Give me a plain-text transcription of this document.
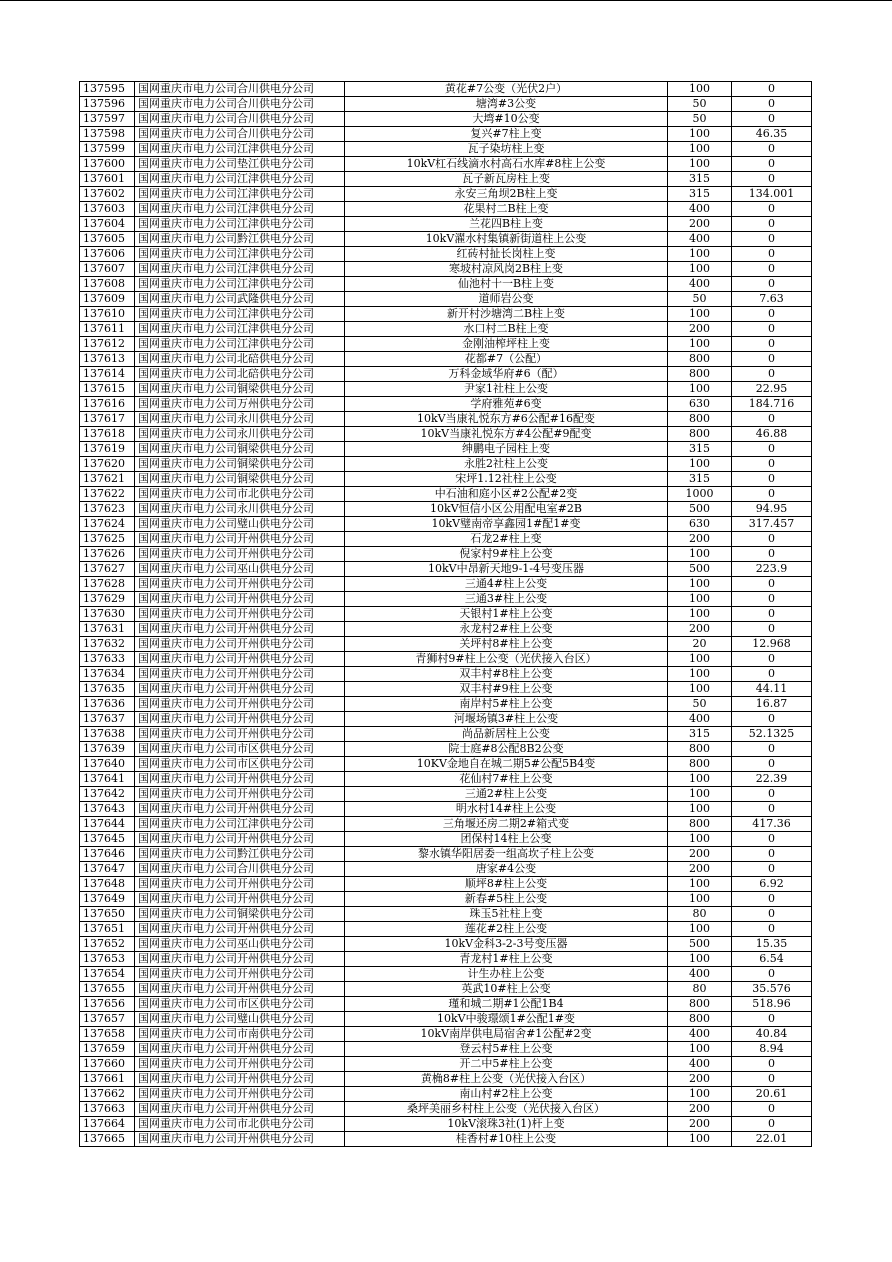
137595	国网重庆市电力公司合川供电分公司	黄花#7公变（光伏2户）	100	0
137596	国网重庆市电力公司合川供电分公司	塘湾#3公变	50	0
137597	国网重庆市电力公司合川供电分公司	大塆#10公变	50	0
137598	国网重庆市电力公司合川供电分公司	复兴#7柱上变	100	46.35
137599	国网重庆市电力公司江津供电分公司	瓦子染坊柱上变	100	0
137600	国网重庆市电力公司垫江供电分公司	10kV杠石线滴水村高石水库#8柱上公变	100	0
137601	国网重庆市电力公司江津供电分公司	瓦子新瓦房柱上变	315	0
137602	国网重庆市电力公司江津供电分公司	永安三角坝2B柱上变	315	134.001
137603	国网重庆市电力公司江津供电分公司	花果村二B柱上变	400	0
137604	国网重庆市电力公司江津供电分公司	兰花四B柱上变	200	0
137605	国网重庆市电力公司黔江供电分公司	10kV濯水村集镇新街道柱上公变	400	0
137606	国网重庆市电力公司江津供电分公司	红砖村扯长岗柱上变	100	0
137607	国网重庆市电力公司江津供电分公司	寒坡村凉风岗2B柱上变	100	0
137608	国网重庆市电力公司江津供电分公司	仙池村十一B柱上变	400	0
137609	国网重庆市电力公司武隆供电分公司	道师岩公变	50	7.63
137610	国网重庆市电力公司江津供电分公司	新开村沙塘湾二B柱上变	100	0
137611	国网重庆市电力公司江津供电分公司	水口村二B柱上变	200	0
137612	国网重庆市电力公司江津供电分公司	金刚油榨坪柱上变	100	0
137613	国网重庆市电力公司北碚供电分公司	花都#7（公配）	800	0
137614	国网重庆市电力公司北碚供电分公司	万科金域华府#6（配）	800	0
137615	国网重庆市电力公司铜梁供电分公司	尹家1社柱上公变	100	22.95
137616	国网重庆市电力公司万州供电分公司	学府雅苑#6变	630	184.716
137617	国网重庆市电力公司永川供电分公司	10kV当康礼悦东方#6公配#16配变	800	0
137618	国网重庆市电力公司永川供电分公司	10kV当康礼悦东方#4公配#9配变	800	46.88
137619	国网重庆市电力公司铜梁供电分公司	绅鹏电子园柱上变	315	0
137620	国网重庆市电力公司铜梁供电分公司	永胜2社柱上公变	100	0
137621	国网重庆市电力公司铜梁供电分公司	宋坪1.12社柱上公变	315	0
137622	国网重庆市电力公司市北供电分公司	中石油和庭小区#2公配#2变	1000	0
137623	国网重庆市电力公司永川供电分公司	10kV恒信小区公用配电室#2B	500	94.95
137624	国网重庆市电力公司璧山供电分公司	10kV璧南帝享鑫园1#配1#变	630	317.457
137625	国网重庆市电力公司开州供电分公司	石龙2#柱上变	200	0
137626	国网重庆市电力公司开州供电分公司	倪家村9#柱上公变	100	0
137627	国网重庆市电力公司巫山供电分公司	10kV中昂新天地9-1-4号变压器	500	223.9
137628	国网重庆市电力公司开州供电分公司	三通4#柱上公变	100	0
137629	国网重庆市电力公司开州供电分公司	三通3#柱上公变	100	0
137630	国网重庆市电力公司开州供电分公司	天银村1#柱上公变	100	0
137631	国网重庆市电力公司开州供电分公司	永龙村2#柱上公变	200	0
137632	国网重庆市电力公司开州供电分公司	关坪村8#柱上公变	20	12.968
137633	国网重庆市电力公司开州供电分公司	青狮村9#柱上公变（光伏接入台区）	100	0
137634	国网重庆市电力公司开州供电分公司	双丰村#8柱上公变	100	0
137635	国网重庆市电力公司开州供电分公司	双丰村#9柱上公变	100	44.11
137636	国网重庆市电力公司开州供电分公司	南岸村5#柱上公变	50	16.87
137637	国网重庆市电力公司开州供电分公司	河堰场镇3#柱上公变	400	0
137638	国网重庆市电力公司开州供电分公司	尚品新居柱上公变	315	52.1325
137639	国网重庆市电力公司市区供电分公司	院士庭#8公配8B2公变	800	0
137640	国网重庆市电力公司市区供电分公司	10KV金地自在城二期5#公配5B4变	800	0
137641	国网重庆市电力公司开州供电分公司	花仙村7#柱上公变	100	22.39
137642	国网重庆市电力公司开州供电分公司	三通2#柱上公变	100	0
137643	国网重庆市电力公司开州供电分公司	明水村14#柱上公变	100	0
137644	国网重庆市电力公司江津供电分公司	三角堰还房二期2#箱式变	800	417.36
137645	国网重庆市电力公司开州供电分公司	团保村14柱上公变	100	0
137646	国网重庆市电力公司黔江供电分公司	黎水镇华阳居委一组高坎子柱上公变	200	0
137647	国网重庆市电力公司合川供电分公司	唐家#4公变	200	0
137648	国网重庆市电力公司开州供电分公司	顺坪8#柱上公变	100	6.92
137649	国网重庆市电力公司开州供电分公司	新春#5柱上公变	100	0
137650	国网重庆市电力公司铜梁供电分公司	珠玉5社柱上变	80	0
137651	国网重庆市电力公司开州供电分公司	莲花#2柱上公变	100	0
137652	国网重庆市电力公司巫山供电分公司	10kV金科3-2-3号变压器	500	15.35
137653	国网重庆市电力公司开州供电分公司	青龙村1#柱上公变	100	6.54
137654	国网重庆市电力公司开州供电分公司	计生办柱上公变	400	0
137655	国网重庆市电力公司开州供电分公司	英武10#柱上公变	80	35.576
137656	国网重庆市电力公司市区供电分公司	瑾和城二期#1公配1B4	800	518.96
137657	国网重庆市电力公司璧山供电分公司	10kV中骏璟颂1#公配1#变	800	0
137658	国网重庆市电力公司市南供电分公司	10kV南岸供电局宿舍#1公配#2变	400	40.84
137659	国网重庆市电力公司开州供电分公司	登云村5#柱上公变	100	8.94
137660	国网重庆市电力公司开州供电分公司	开二中5#柱上公变	400	0
137661	国网重庆市电力公司开州供电分公司	黄桷8#柱上公变（光伏接入台区）	200	0
137662	国网重庆市电力公司开州供电分公司	南山村#2柱上公变	100	20.61
137663	国网重庆市电力公司开州供电分公司	桑坪美丽乡村柱上公变（光伏接入台区）	200	0
137664	国网重庆市电力公司市北供电分公司	10kV滚珠3社(1)杆上变	200	0
137665	国网重庆市电力公司开州供电分公司	桂香村#10柱上公变	100	22.01
